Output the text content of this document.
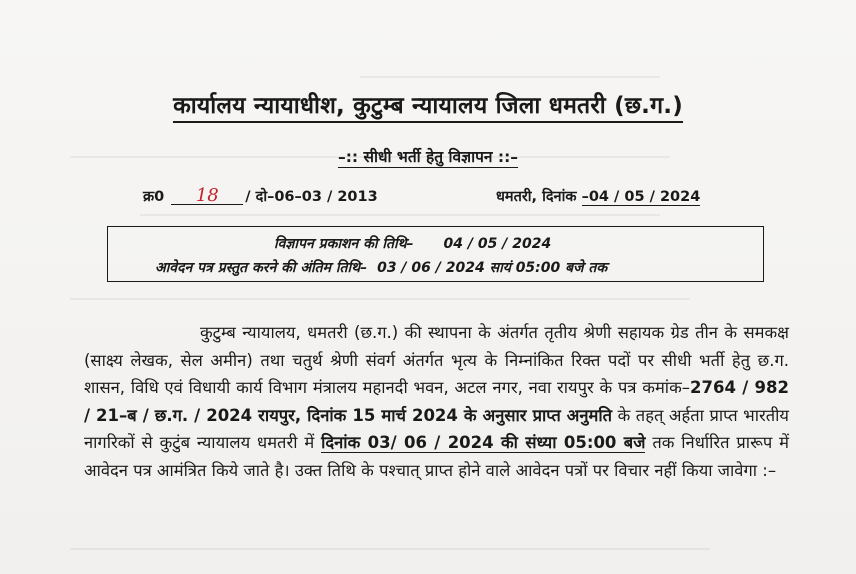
कार्यालय न्यायाधीश, कुटुम्ब न्यायालय जिला धमतरी (छ.ग.)
–:: सीधी भर्ती हेतु विज्ञापन ::–
क्र0 18 / दो–06–03 / 2013	धमतरी, दिनांक –04 / 05 / 2024
विज्ञापन प्रकाशन की तिथि– 04 / 05 / 2024
आवेदन पत्र प्रस्तुत करने की अंतिम तिथि– 03 / 06 / 2024 सायं 05:00 बजे तक

कुटुम्ब न्यायालय, धमतरी (छ.ग.) की स्थापना के अंतर्गत तृतीय श्रेणी सहायक ग्रेड तीन के समकक्ष (साक्ष्य लेखक, सेल अमीन) तथा चतुर्थ श्रेणी संवर्ग अंतर्गत भृत्य के निम्नांकित रिक्त पदों पर सीधी भर्ती हेतु छ.ग. शासन, विधि एवं विधायी कार्य विभाग मंत्रालय महानदी भवन, अटल नगर, नवा रायपुर के पत्र कमांक–2764 / 982 / 21–ब / छ.ग. / 2024 रायपुर, दिनांक 15 मार्च 2024 के अनुसार प्राप्त अनुमति के तहत् अर्हता प्राप्त भारतीय नागरिकों से कुटुंब न्यायालय धमतरी में दिनांक 03/ 06 / 2024 की संध्या 05:00 बजे तक निर्धारित प्रारूप में आवेदन पत्र आमंत्रित किये जाते है। उक्त तिथि के पश्चात् प्राप्त होने वाले आवेदन पत्रों पर विचार नहीं किया जावेगा :–
